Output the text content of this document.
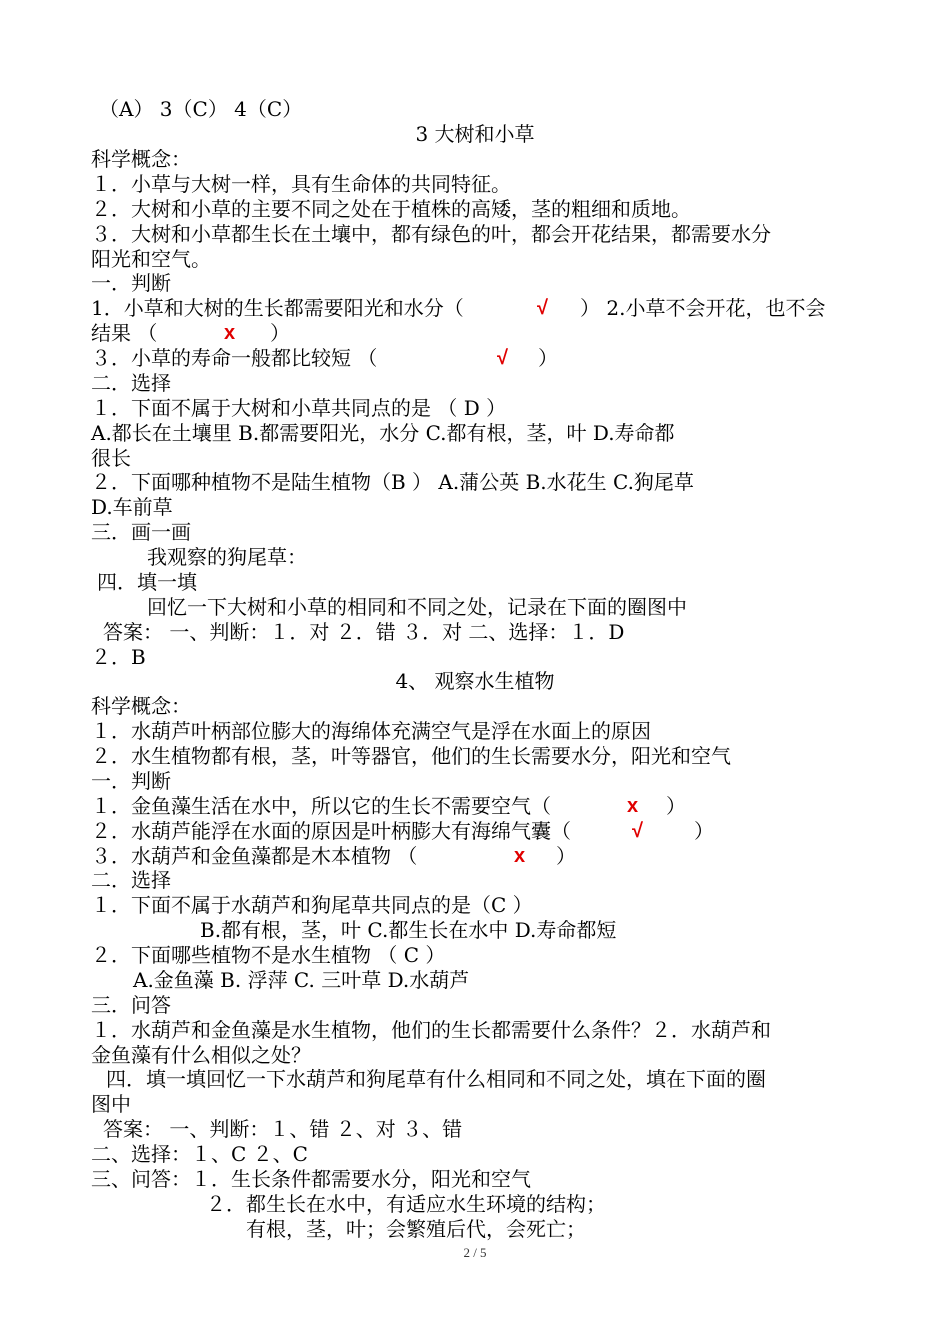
（A） 3（C） 4（C）
3 大树和小草
科学概念：
１．小草与大树一样，具有生命体的共同特征。
２．大树和小草的主要不同之处在于植株的高矮，茎的粗细和质地。
３．大树和小草都生长在土壤中，都有绿色的叶，都会开花结果，都需要水分
阳光和空气。
一．判断
1．小草和大树的生长都需要阳光和水分（	√ ） 2.小草不会开花，也不会
结果 （	x ）
３．小草的寿命一般都比较短 （	√ ）
二．选择
１．下面不属于大树和小草共同点的是 （ D ）
A.都长在土壤里 B.都需要阳光，水分 C.都有根，茎，叶 D.寿命都
很长
２．下面哪种植物不是陆生植物（B ） A.蒲公英 B.水花生 C.狗尾草
D.车前草
三．画一画
我观察的狗尾草：
四．填一填
回忆一下大树和小草的相同和不同之处，记录在下面的圈图中
答案： 一、判断：１．对 ２．错 ３．对 二、选择：１．D
２．B
4、 观察水生植物
科学概念：
１．水葫芦叶柄部位膨大的海绵体充满空气是浮在水面上的原因
２．水生植物都有根，茎，叶等器官，他们的生长需要水分，阳光和空气
一．判断
１．金鱼藻生活在水中，所以它的生长不需要空气（	x ）
２．水葫芦能浮在水面的原因是叶柄膨大有海绵气囊（	√	）
３．水葫芦和金鱼藻都是木本植物 （	x ）
二．选择
１．下面不属于水葫芦和狗尾草共同点的是（C ）
B.都有根，茎，叶 C.都生长在水中 D.寿命都短
２．下面哪些植物不是水生植物 （ C ）
A.金鱼藻 B. 浮萍 C. 三叶草 D.水葫芦
三．问答
１．水葫芦和金鱼藻是水生植物，他们的生长都需要什么条件？２．水葫芦和
金鱼藻有什么相似之处？
四．填一填回忆一下水葫芦和狗尾草有什么相同和不同之处，填在下面的圈
图中
答案： 一、判断：１、错 ２、对 ３、错
二、选择：１、C ２、C
三、问答：１．生长条件都需要水分，阳光和空气
２．都生长在水中，有适应水生环境的结构；
有根，茎，叶；会繁殖后代，会死亡；
2 / 5
